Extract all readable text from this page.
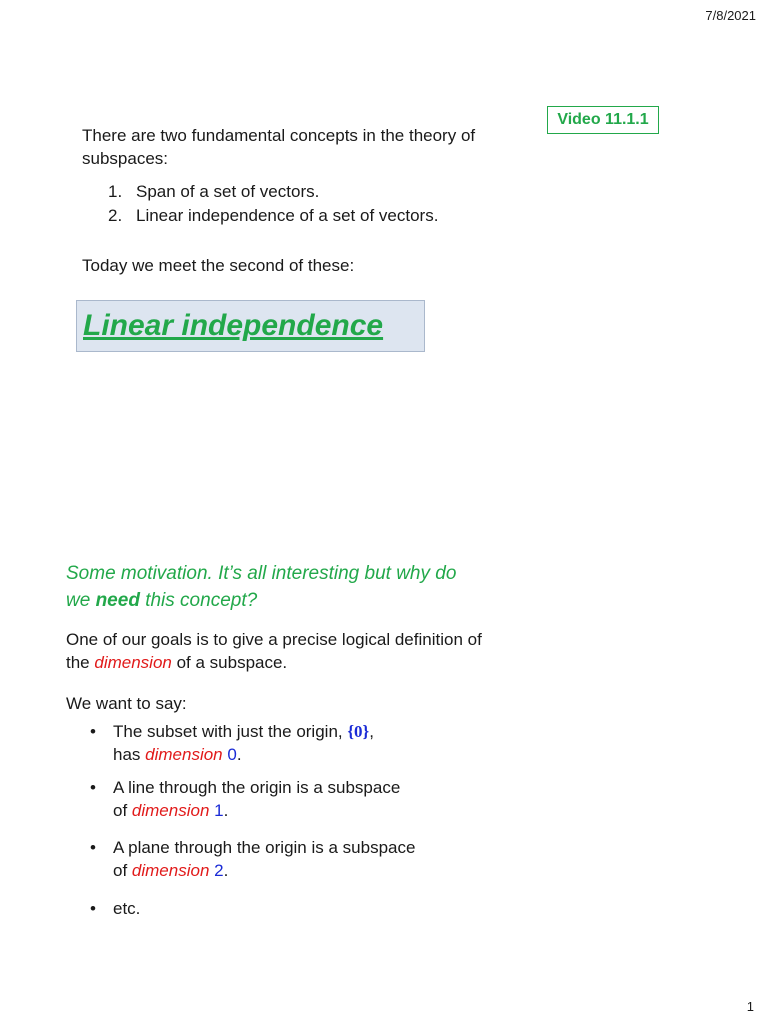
7/8/2021
Video 11.1.1
There are two fundamental concepts in the theory of
subspaces:
1. Span of a set of vectors.
2. Linear independence of a set of vectors.
Today we meet the second of these:
Linear independence
Some motivation. It’s all interesting but why do
we need this concept?
One of our goals is to give a precise logical definition of
the dimension of a subspace.
We want to say:
• The subset with just the origin, {0},
has dimension 0.
• A line through the origin is a subspace
of dimension 1.
• A plane through the origin is a subspace
of dimension 2.
• etc.
1
